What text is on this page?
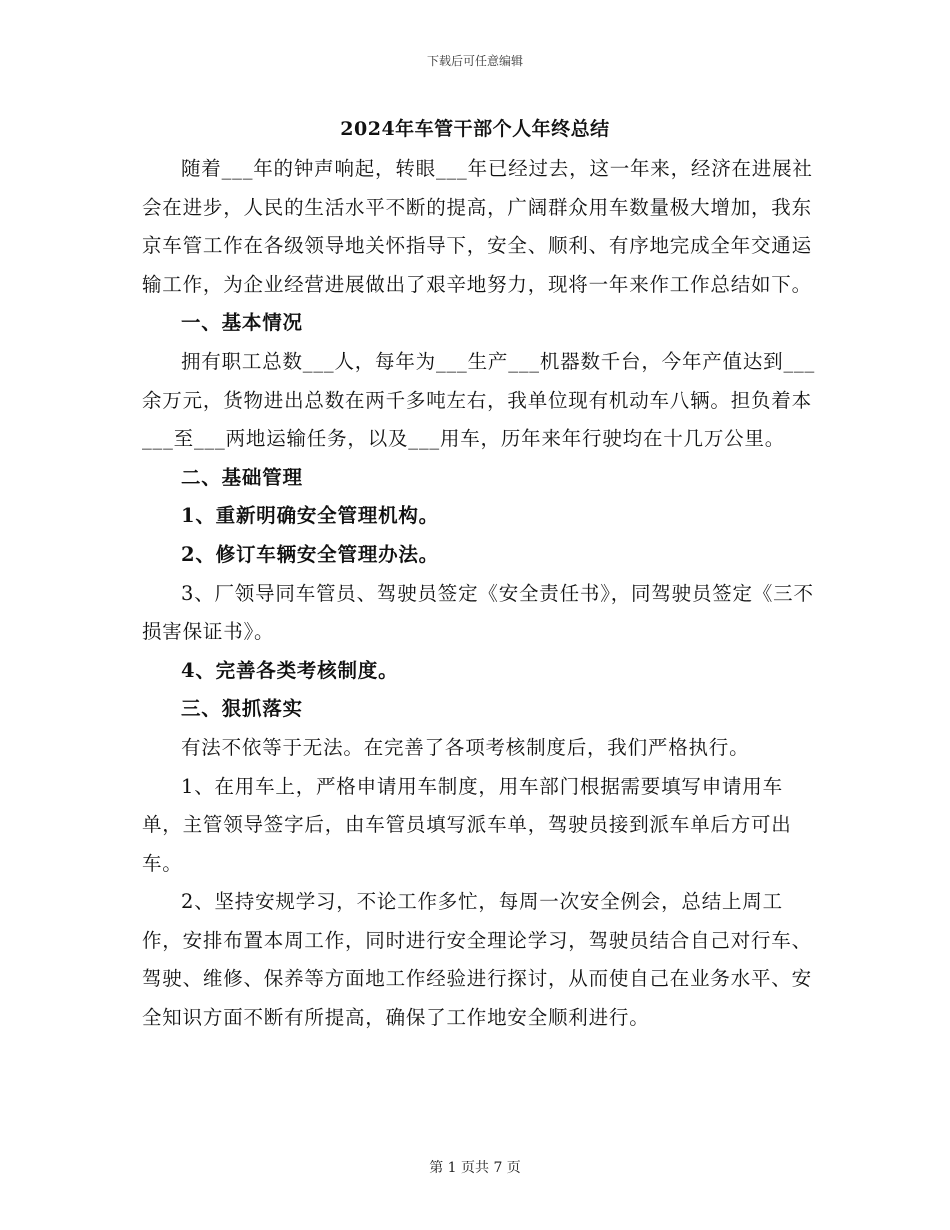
下载后可任意编辑
2024年车管干部个人年终总结

随着___年的钟声响起，转眼___年已经过去，这一年来，经济在进展社会在进步，人民的生活水平不断的提高，广阔群众用车数量极大增加，我东京车管工作在各级领导地关怀指导下，安全、顺利、有序地完成全年交通运输工作，为企业经营进展做出了艰辛地努力，现将一年来作工作总结如下。

一、基本情况

拥有职工总数___人，每年为___生产___机器数千台，今年产值达到___余万元，货物进出总数在两千多吨左右，我单位现有机动车八辆。担负着本___至___两地运输任务，以及___用车，历年来年行驶均在十几万公里。

二、基础管理

1、重新明确安全管理机构。

2、修订车辆安全管理办法。

3、厂领导同车管员、驾驶员签定《安全责任书》，同驾驶员签定《三不损害保证书》。

4、完善各类考核制度。

三、狠抓落实

有法不依等于无法。在完善了各项考核制度后，我们严格执行。

1、在用车上，严格申请用车制度，用车部门根据需要填写申请用车单，主管领导签字后，由车管员填写派车单，驾驶员接到派车单后方可出车。

2、坚持安规学习，不论工作多忙，每周一次安全例会，总结上周工作，安排布置本周工作，同时进行安全理论学习，驾驶员结合自己对行车、驾驶、维修、保养等方面地工作经验进行探讨，从而使自己在业务水平、安全知识方面不断有所提高，确保了工作地安全顺利进行。

第 1 页共 7 页
